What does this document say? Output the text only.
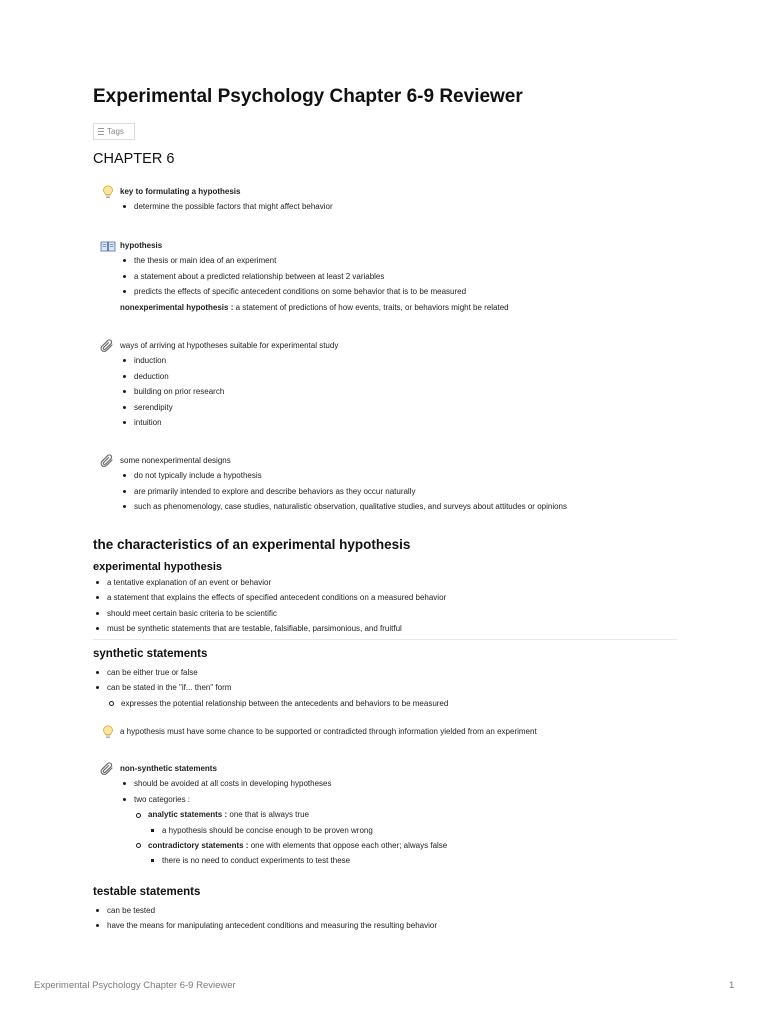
Experimental Psychology Chapter 6-9 Reviewer
Tags
CHAPTER 6
key to formulating a hypothesis
determine the possible factors that might affect behavior
hypothesis
the thesis or main idea of an experiment
a statement about a predicted relationship between at least 2 variables
predicts the effects of specific antecedent conditions on some behavior that is to be measured
nonexperimental hypothesis : a statement of predictions of how events, traits, or behaviors might be related
ways of arriving at hypotheses suitable for experimental study
induction
deduction
building on prior research
serendipity
intuition
some nonexperimental designs
do not typically include a hypothesis
are primarily intended to explore and describe behaviors as they occur naturally
such as phenomenology, case studies, naturalistic observation, qualitative studies, and surveys about attitudes or opinions
the characteristics of an experimental hypothesis
experimental hypothesis
a tentative explanation of an event or behavior
a statement that explains the effects of specified antecedent conditions on a measured behavior
should meet certain basic criteria to be scientific
must be synthetic statements that are testable, falsifiable, parsimonious, and fruitful
synthetic statements
can be either true or false
can be stated in the "if... then" form
expresses the potential relationship between the antecedents and behaviors to be measured
a hypothesis must have some chance to be supported or contradicted through information yielded from an experiment
non-synthetic statements
should be avoided at all costs in developing hypotheses
two categories :
analytic statements : one that is always true
a hypothesis should be concise enough to be proven wrong
contradictory statements : one with elements that oppose each other; always false
there is no need to conduct experiments to test these
testable statements
can be tested
have the means for manipulating antecedent conditions and measuring the resulting behavior
Experimental Psychology Chapter 6-9 Reviewer	1
